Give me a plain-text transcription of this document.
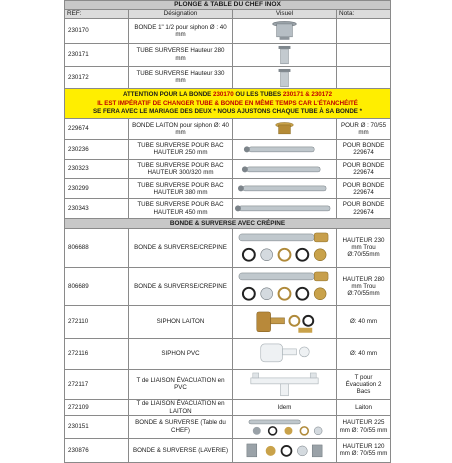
PLONGE & TABLE DU CHEF INOX			
REF:	Désignation	Visuel	Nota:
230170	BONDE 1" 1/2 pour siphon Ø : 40 mm	

230171	TUBE SURVERSE Hauteur 280 mm	

230172	TUBE SURVERSE Hauteur 330 mm	

ATTENTION POUR LA BONDE 230170 OU LES TUBES 230171 & 230172
IL EST IMPÉRATIF DE CHANGER TUBE & BONDE EN MÊME TEMPS CAR L'ÉTANCHÉITÉ
SE FERA AVEC LE MARIAGE DES DEUX * NOUS AJUSTONS CHAQUE TUBE À SA BONDE *			

229674	BONDE LAITON pour siphon Ø: 40 mm		POUR Ø : 70/55 mm
230236	TUBE SURVERSE POUR BAC HAUTEUR 250 mm		POUR BONDE 229674
230323	TUBE SURVERSE POUR BAC HAUTEUR 300/320 mm		POUR BONDE 229674
230299	TUBE SURVERSE POUR BAC HAUTEUR 380 mm		POUR BONDE 229674
230343	TUBE SURVERSE POUR BAC HAUTEUR 450 mm		POUR BONDE 229674
BONDE & SURVERSE AVEC CRÉPINE			
806688	BONDE & SURVERSE/CREPINE		HAUTEUR 230 mm Trou Ø:70/55mm
806689	BONDE & SURVERSE/CREPINE		HAUTEUR 280 mm Trou Ø:70/55mm
272110	SIPHON LAITON		Ø: 40 mm
272116	SIPHON PVC		Ø: 40 mm
272117	T de LIAISON ÉVACUATION en PVC		T pour Évacuation 2 Bacs
272109	T de LIAISON ÉVACUATION en LAITON	Idem	Laiton
230151	BONDE & SURVERSE (Table du CHEF)		HAUTEUR 225 mm Ø: 70/55 mm
230876	BONDE & SURVERSE (LAVERIE)		HAUTEUR 120 mm Ø: 70/55 mm
